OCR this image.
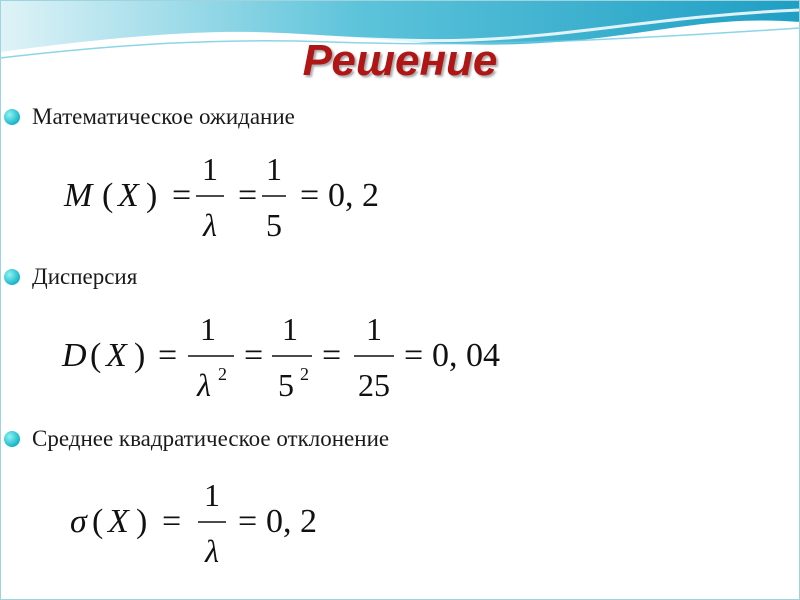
Решение
Математическое ожидание
M ( X ) =
1
λ
=
1
5
= 0, 2
Дисперсия
D ( X ) =
1
λ 2 =
1
5 2 =
1
25
= 0, 04
Среднее квадратическое отклонение
σ ( X ) =
1
λ
= 0, 2
